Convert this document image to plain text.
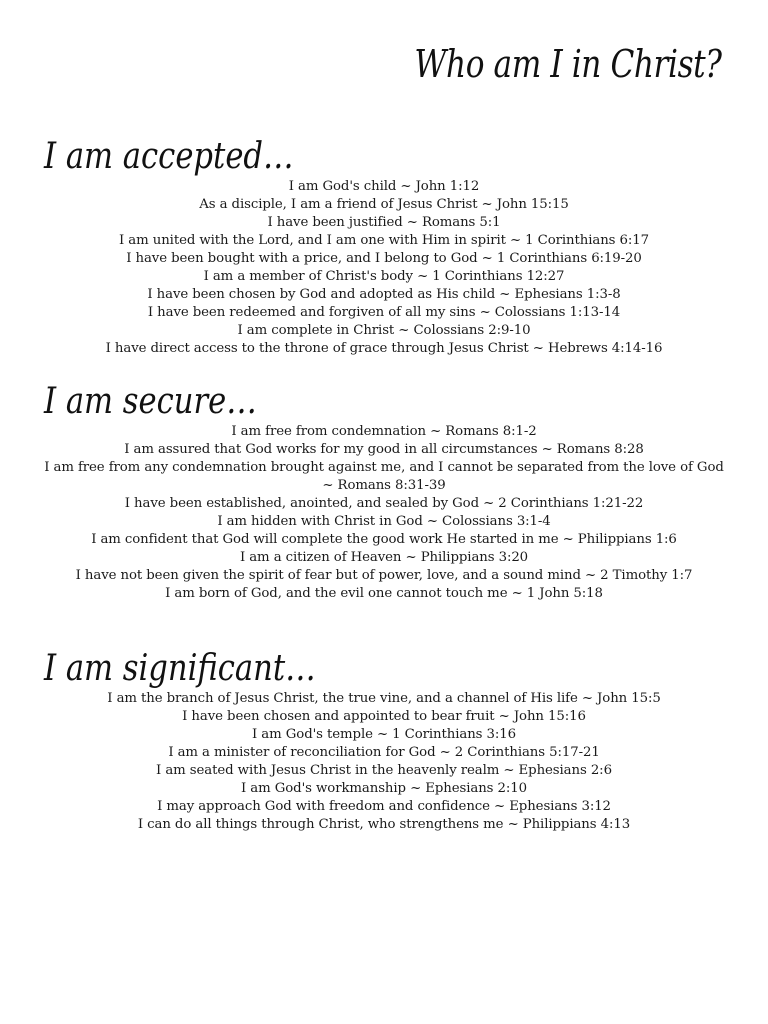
Who am I in Christ?
I am accepted…
I am God's child ~ John 1:12
As a disciple, I am a friend of Jesus Christ ~ John 15:15
I have been justified ~ Romans 5:1
I am united with the Lord, and I am one with Him in spirit ~ 1 Corinthians 6:17
I have been bought with a price, and I belong to God ~ 1 Corinthians 6:19-20
I am a member of Christ's body ~ 1 Corinthians 12:27
I have been chosen by God and adopted as His child ~ Ephesians 1:3-8
I have been redeemed and forgiven of all my sins ~ Colossians 1:13-14
I am complete in Christ ~ Colossians 2:9-10
I have direct access to the throne of grace through Jesus Christ ~ Hebrews 4:14-16
I am secure…
I am free from condemnation ~ Romans 8:1-2
I am assured that God works for my good in all circumstances ~ Romans 8:28
I am free from any condemnation brought against me, and I cannot be separated from the love of God ~ Romans 8:31-39
I have been established, anointed, and sealed by God ~ 2 Corinthians 1:21-22
I am hidden with Christ in God ~ Colossians 3:1-4
I am confident that God will complete the good work He started in me ~ Philippians 1:6
I am a citizen of Heaven ~ Philippians 3:20
I have not been given the spirit of fear but of power, love, and a sound mind ~ 2 Timothy 1:7
I am born of God, and the evil one cannot touch me ~ 1 John 5:18
I am significant…
I am the branch of Jesus Christ, the true vine, and a channel of His life ~ John 15:5
I have been chosen and appointed to bear fruit ~ John 15:16
I am God's temple ~ 1 Corinthians 3:16
I am a minister of reconciliation for God ~ 2 Corinthians 5:17-21
I am seated with Jesus Christ in the heavenly realm ~ Ephesians 2:6
I am God's workmanship ~ Ephesians 2:10
I may approach God with freedom and confidence ~ Ephesians 3:12
I can do all things through Christ, who strengthens me ~ Philippians 4:13
